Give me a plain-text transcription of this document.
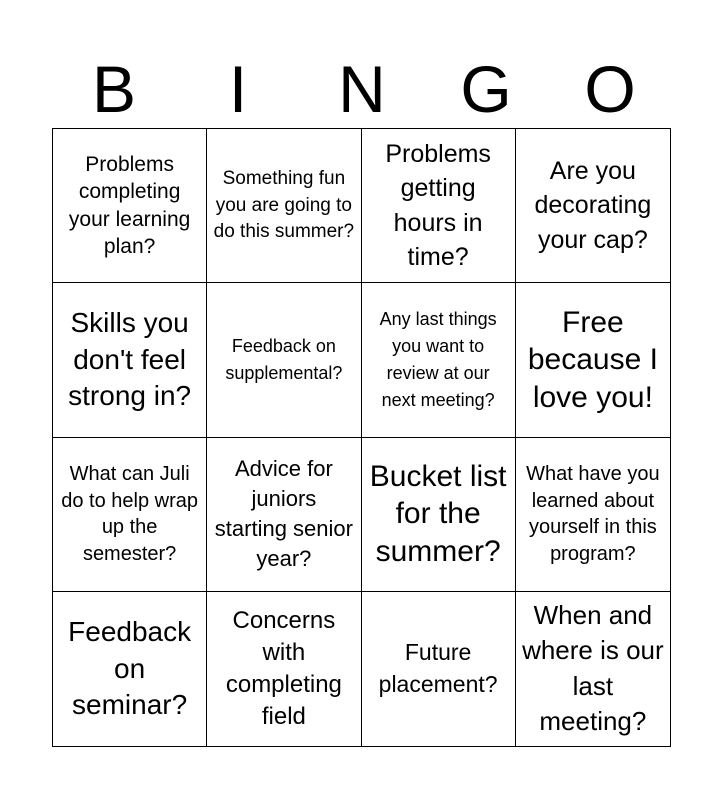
B	I	N	G	O
Problems completing your learning plan?
Something fun you are going to do this summer?
Problems getting hours in time?
Are you decorating your cap?
Skills you don't feel strong in?
Feedback on supplemental?
Any last things you want to review at our next meeting?
Free because I love you!
What can Juli do to help wrap up the semester?
Advice for juniors starting senior year?
Bucket list for the summer?
What have you learned about yourself in this program?
Feedback on seminar?
Concerns with completing field
Future placement?
When and where is our last meeting?
